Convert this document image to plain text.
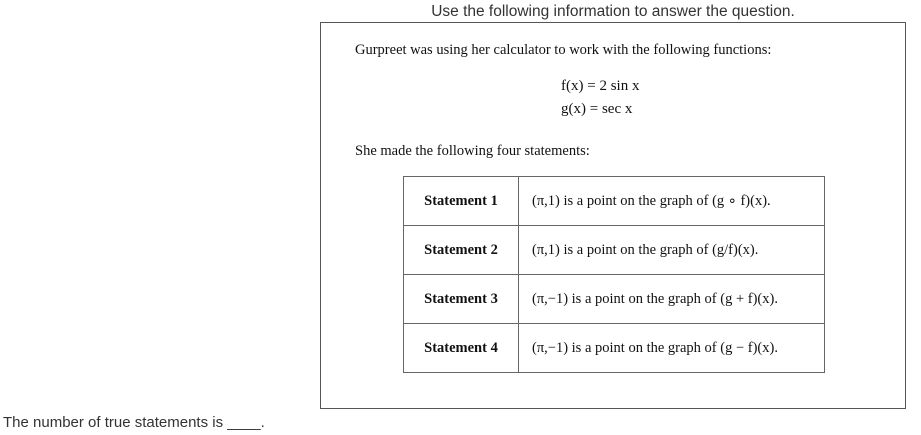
Use the following information to answer the question.
Gurpreet was using her calculator to work with the following functions:
f(x) = 2 sin x
g(x) = sec x
She made the following four statements:
Statement 1	(π,1) is a point on the graph of (g ∘ f)(x).
Statement 2	(π,1) is a point on the graph of (g/f)(x).
Statement 3	(π,−1) is a point on the graph of (g + f)(x).
Statement 4	(π,−1) is a point on the graph of (g − f)(x).
The number of true statements is ____.
